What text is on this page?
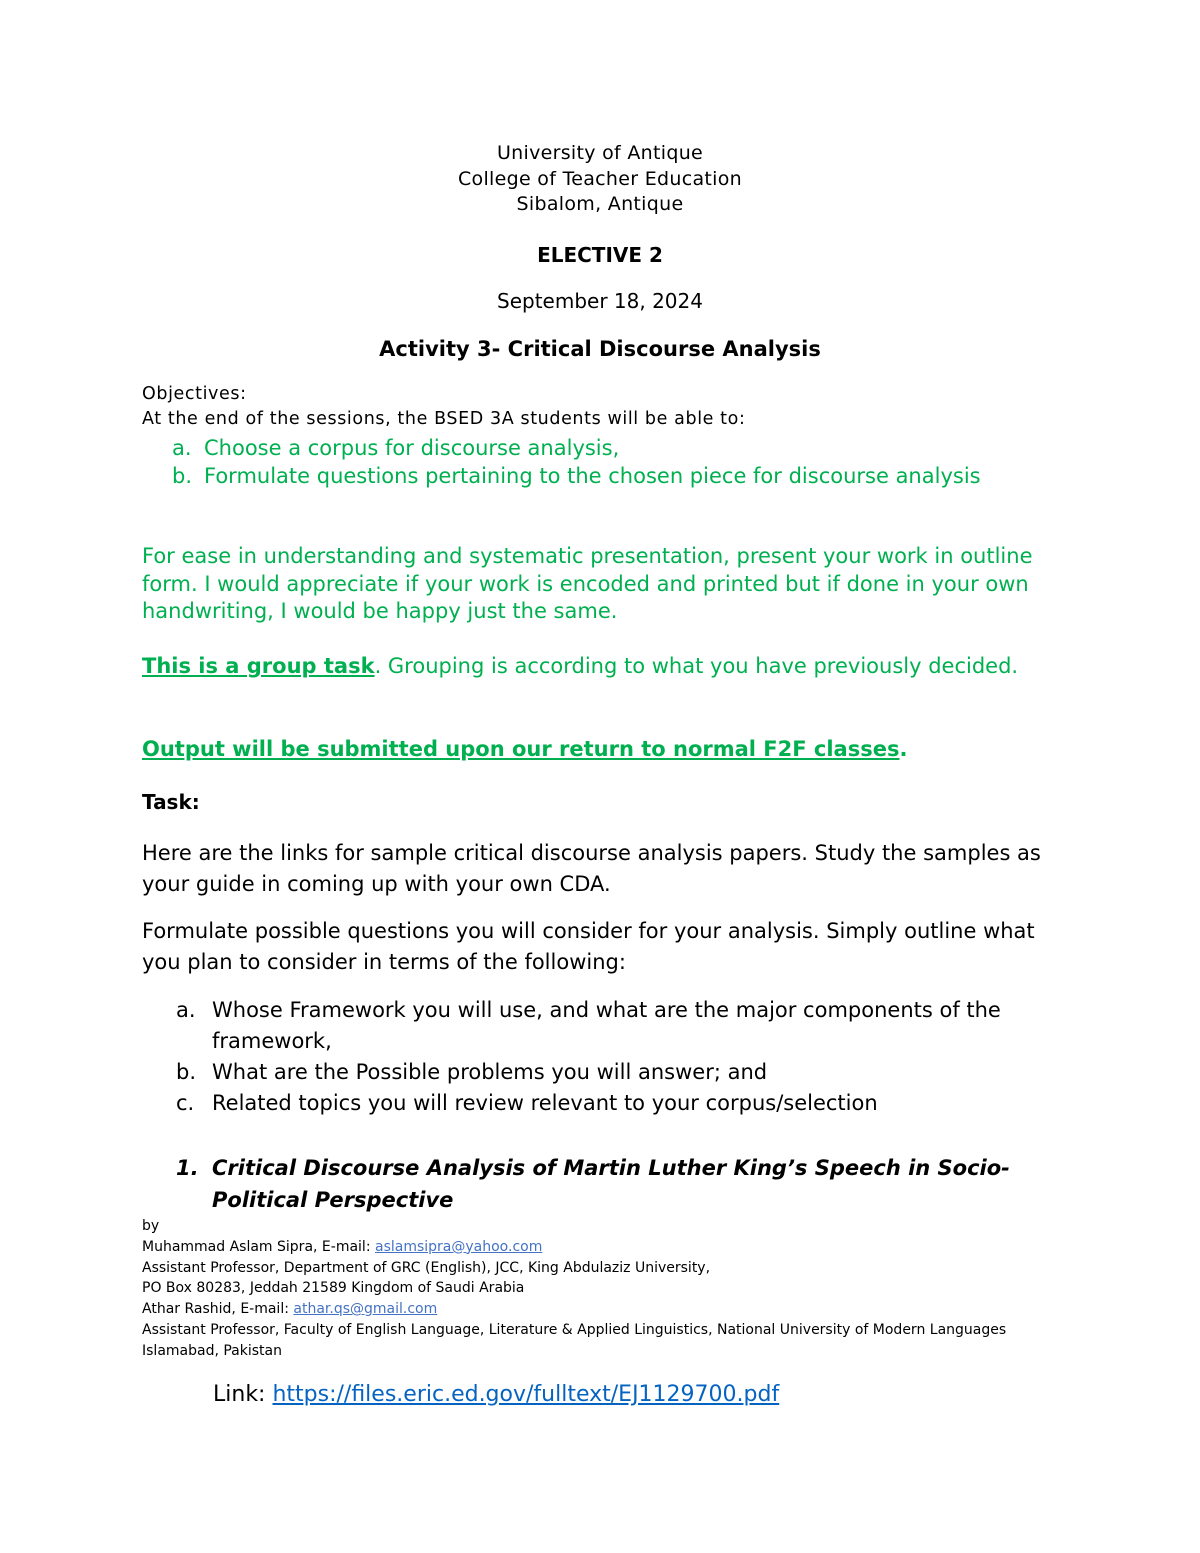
University of Antique
College of Teacher Education
Sibalom, Antique
ELECTIVE 2
September 18, 2024
Activity 3- Critical Discourse Analysis
Objectives:
At the end of the sessions, the BSED 3A students will be able to:
a. Choose a corpus for discourse analysis,
b. Formulate questions pertaining to the chosen piece for discourse analysis
For ease in understanding and systematic presentation, present your work in outline form. I would appreciate if your work is encoded and printed but if done in your own handwriting, I would be happy just the same.
This is a group task. Grouping is according to what you have previously decided.
Output will be submitted upon our return to normal F2F classes.
Task:
Here are the links for sample critical discourse analysis papers. Study the samples as your guide in coming up with your own CDA.
Formulate possible questions you will consider for your analysis. Simply outline what you plan to consider in terms of the following:
a. Whose Framework you will use, and what are the major components of the framework,
b. What are the Possible problems you will answer; and
c. Related topics you will review relevant to your corpus/selection
1. Critical Discourse Analysis of Martin Luther King’s Speech in Socio-Political Perspective
by
Muhammad Aslam Sipra, E-mail: aslamsipra@yahoo.com
Assistant Professor, Department of GRC (English), JCC, King Abdulaziz University,
PO Box 80283, Jeddah 21589 Kingdom of Saudi Arabia
Athar Rashid, E-mail: athar.qs@gmail.com
Assistant Professor, Faculty of English Language, Literature & Applied Linguistics, National University of Modern Languages
Islamabad, Pakistan
Link: https://files.eric.ed.gov/fulltext/EJ1129700.pdf
